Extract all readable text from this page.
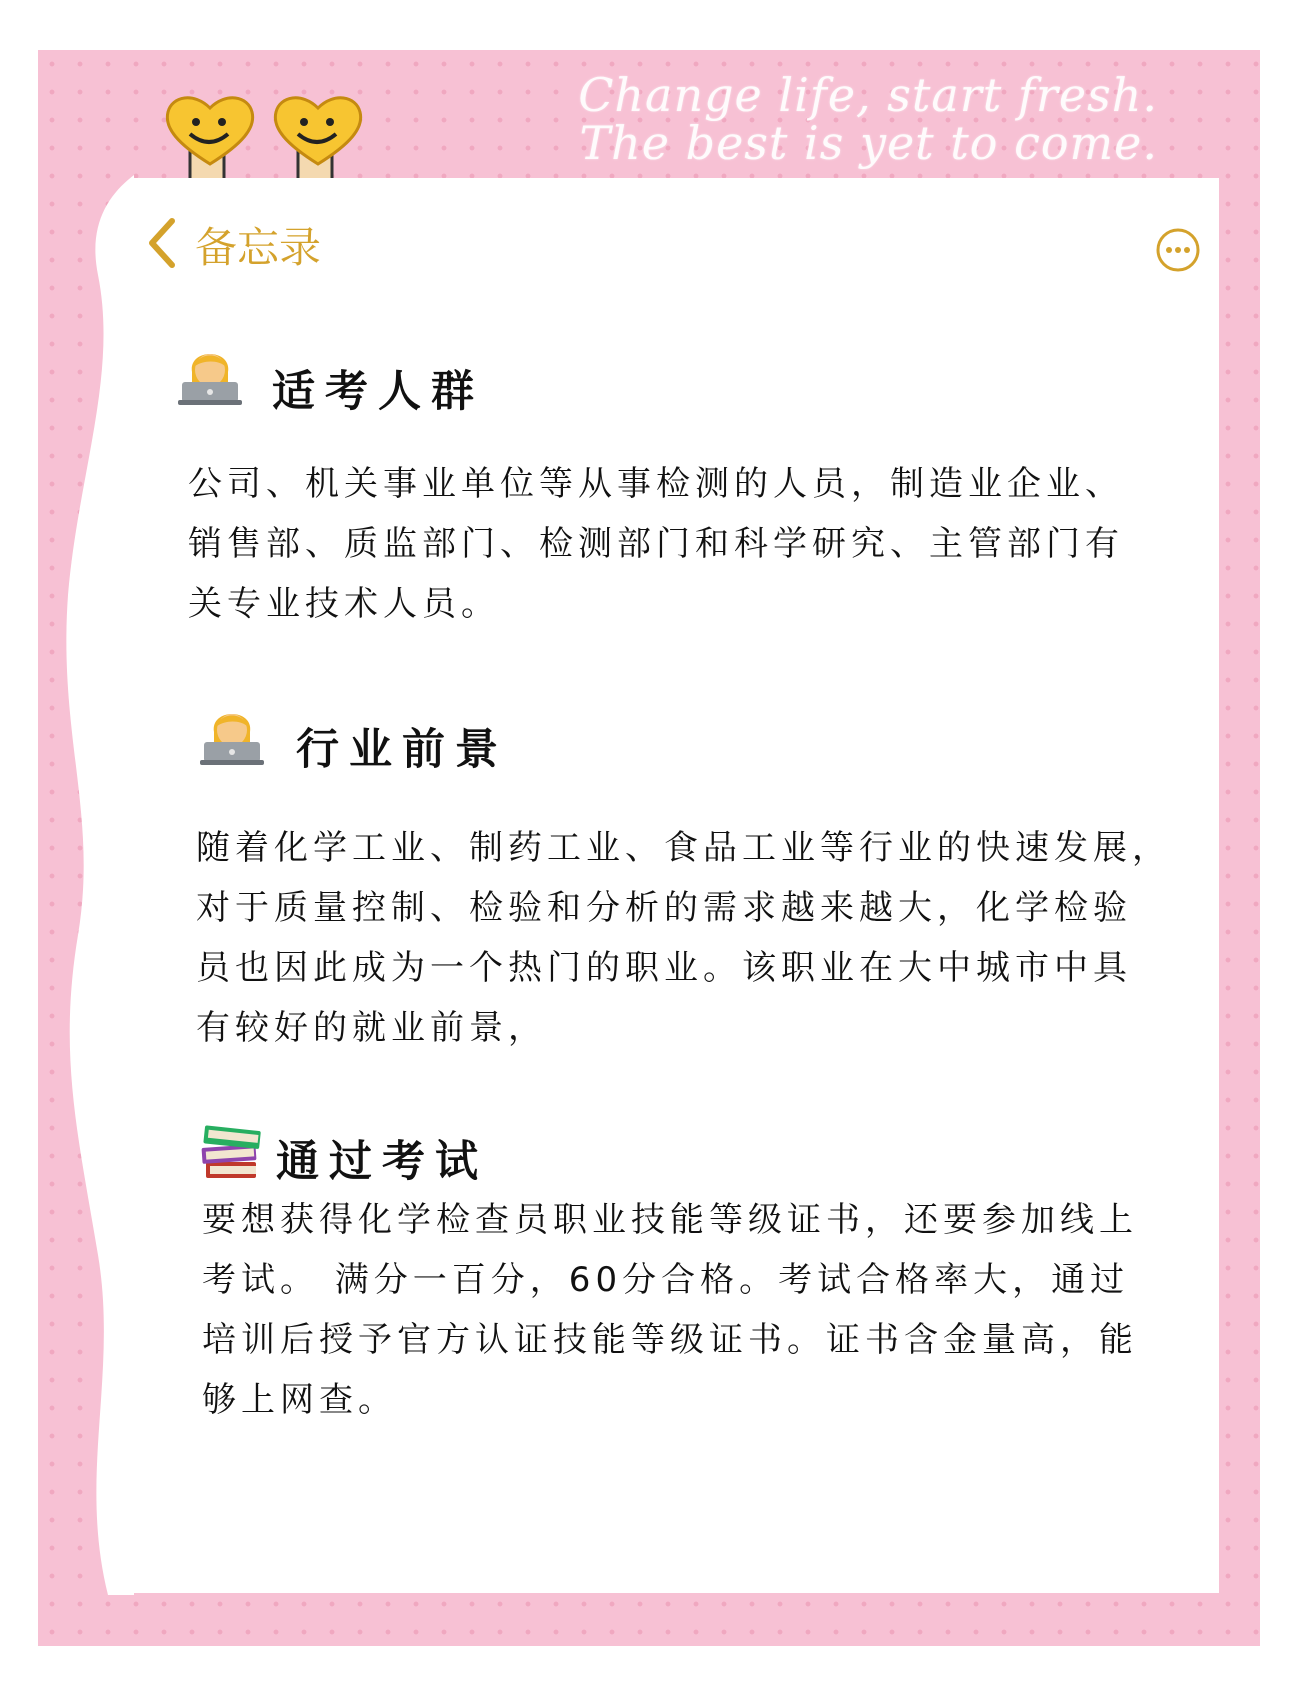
Change life, start fresh.
The best is yet to come.
备忘录
适考人群
公司、机关事业单位等从事检测的人员，制造业企业、
销售部、质监部门、检测部门和科学研究、主管部门有
关专业技术人员。
行业前景
随着化学工业、制药工业、食品工业等行业的快速发展，
对于质量控制、检验和分析的需求越来越大，化学检验
员也因此成为一个热门的职业。该职业在大中城市中具
有较好的就业前景，
通过考试
要想获得化学检查员职业技能等级证书，还要参加线上
考试。 满分一百分，60分合格。考试合格率大，通过
培训后授予官方认证技能等级证书。证书含金量高，能
够上网查。
